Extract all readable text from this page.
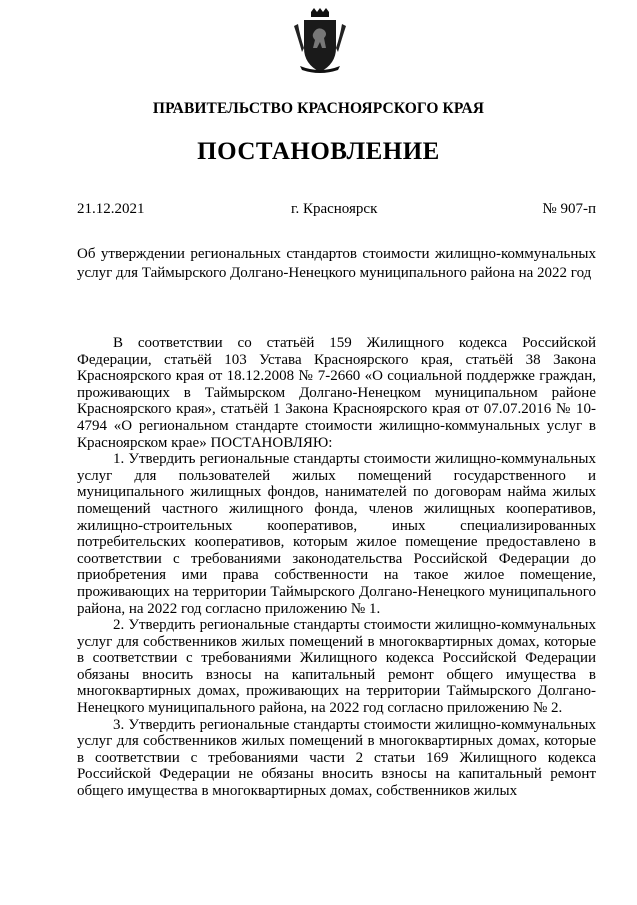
ПРАВИТЕЛЬСТВО КРАСНОЯРСКОГО КРАЯ
ПОСТАНОВЛЕНИЕ
21.12.2021	г. Красноярск	№ 907-п
Об утверждении региональных стандартов стоимости жилищно-коммунальных услуг для Таймырского Долгано-Ненецкого муниципального района на 2022 год

В соответствии со статьёй 159 Жилищного кодекса Российской Федерации, статьёй 103 Устава Красноярского края, статьёй 38 Закона Красноярского края от 18.12.2008 № 7-2660 «О социальной поддержке граждан, проживающих в Таймырском Долгано-Ненецком муниципальном районе Красноярского края», статьёй 1 Закона Красноярского края от 07.07.2016 № 10-4794 «О региональном стандарте стоимости жилищно-коммунальных услуг в Красноярском крае» ПОСТАНОВЛЯЮ:

1. Утвердить региональные стандарты стоимости жилищно-коммунальных услуг для пользователей жилых помещений государственного и муниципального жилищных фондов, нанимателей по договорам найма жилых помещений частного жилищного фонда, членов жилищных кооперативов, жилищно-строительных кооперативов, иных специализированных потребительских кооперативов, которым жилое помещение предоставлено в соответствии с требованиями законодательства Российской Федерации до приобретения ими права собственности на такое жилое помещение, проживающих на территории Таймырского Долгано-Ненецкого муниципального района, на 2022 год согласно приложению № 1.

2. Утвердить региональные стандарты стоимости жилищно-коммунальных услуг для собственников жилых помещений в многоквартирных домах, которые в соответствии с требованиями Жилищного кодекса Российской Федерации обязаны вносить взносы на капитальный ремонт общего имущества в многоквартирных домах, проживающих на территории Таймырского Долгано-Ненецкого муниципального района, на 2022 год согласно приложению № 2.

3. Утвердить региональные стандарты стоимости жилищно-коммунальных услуг для собственников жилых помещений в многоквартирных домах, которые в соответствии с требованиями части 2 статьи 169 Жилищного кодекса Российской Федерации не обязаны вносить взносы на капитальный ремонт общего имущества в многоквартирных домах, собственников жилых
